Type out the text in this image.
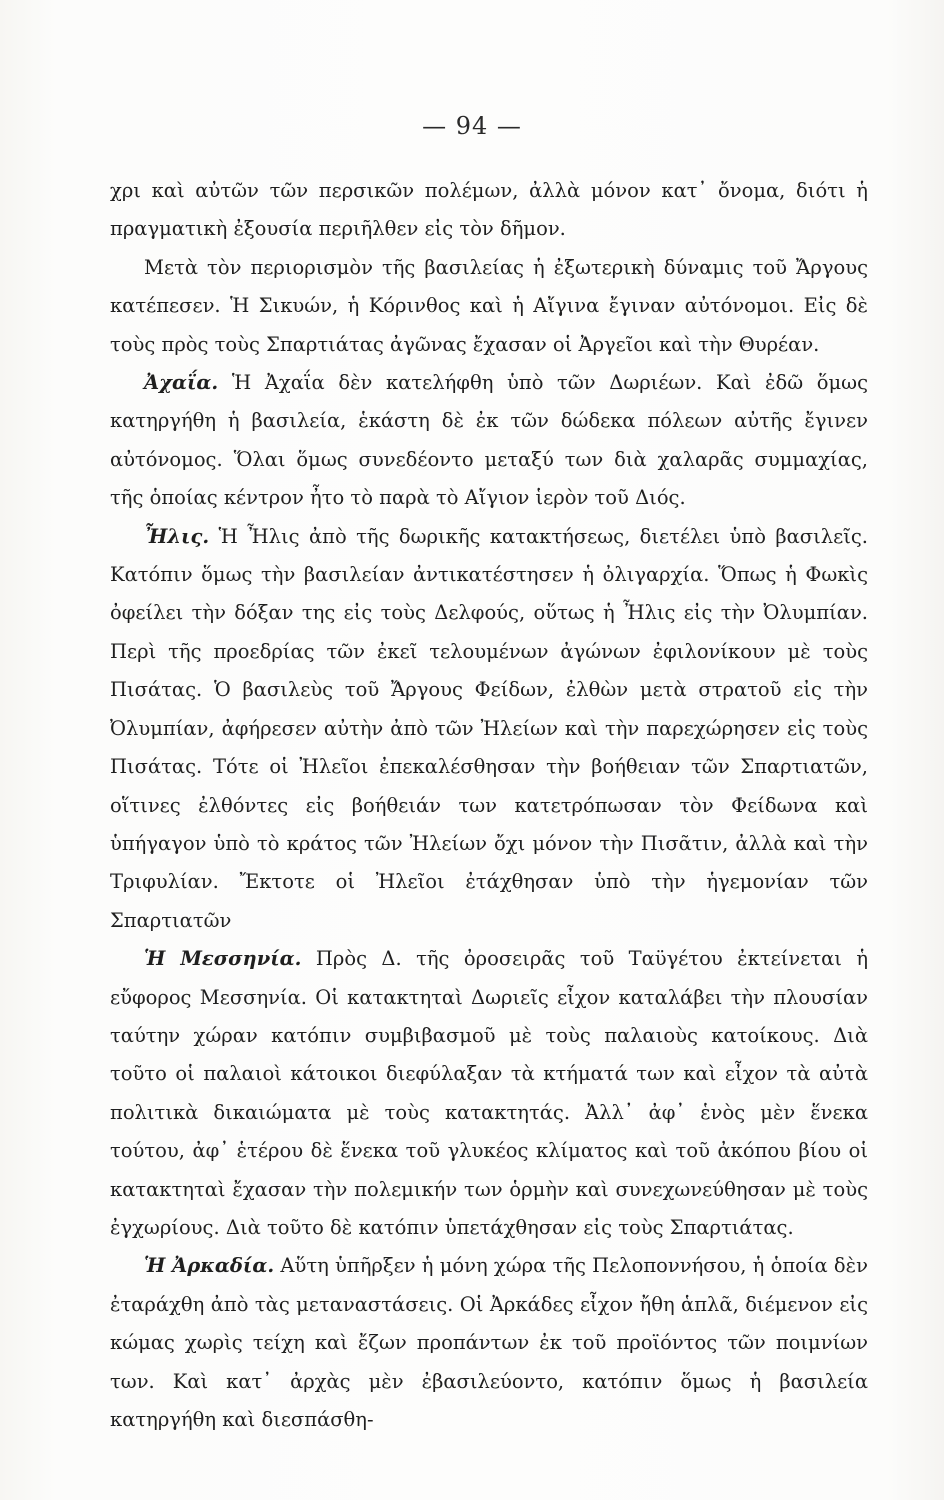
— 94 —

χρι καὶ αὐτῶν τῶν περσικῶν πολέμων, ἀλλὰ μόνον κατ᾽ ὄνομα, διότι ἡ πραγματικὴ ἐξουσία περιῆλθεν εἰς τὸν δῆμον.

Μετὰ τὸν περιορισμὸν τῆς βασιλείας ἡ ἐξωτερικὴ δύναμις τοῦ Ἄργους κατέπεσεν. Ἡ Σικυών, ἡ Κόρινθος καὶ ἡ Αἴγινα ἔγιναν αὐτόνομοι. Εἰς δὲ τοὺς πρὸς τοὺς Σπαρτιάτας ἀγῶνας ἔχασαν οἱ Ἀργεῖοι καὶ τὴν Θυρέαν.

Ἀχαΐα. Ἡ Ἀχαΐα δὲν κατελήφθη ὑπὸ τῶν Δωριέων. Καὶ ἐδῶ ὅμως κατηργήθη ἡ βασιλεία, ἑκάστη δὲ ἐκ τῶν δώδεκα πόλεων αὐτῆς ἔγινεν αὐτόνομος. Ὅλαι ὅμως συνεδέοντο μεταξύ των διὰ χαλαρᾶς συμμαχίας, τῆς ὁποίας κέντρον ἦτο τὸ παρὰ τὸ Αἴγιον ἱερὸν τοῦ Διός.

Ἦλις. Ἡ Ἦλις ἀπὸ τῆς δωρικῆς κατακτήσεως, διετέλει ὑπὸ βασιλεῖς. Κατόπιν ὅμως τὴν βασιλείαν ἀντικατέστησεν ἡ ὀλιγαρχία. Ὅπως ἡ Φωκὶς ὀφείλει τὴν δόξαν της εἰς τοὺς Δελφούς, οὕτως ἡ Ἦλις εἰς τὴν Ὀλυμπίαν. Περὶ τῆς προεδρίας τῶν ἐκεῖ τελουμένων ἀγώνων ἐφιλονίκουν μὲ τοὺς Πισάτας. Ὁ βασιλεὺς τοῦ Ἄργους Φείδων, ἐλθὼν μετὰ στρατοῦ εἰς τὴν Ὀλυμπίαν, ἀφήρεσεν αὐτὴν ἀπὸ τῶν Ἠλείων καὶ τὴν παρεχώρησεν εἰς τοὺς Πισάτας. Τότε οἱ Ἠλεῖοι ἐπεκαλέσθησαν τὴν βοήθειαν τῶν Σπαρτιατῶν, οἵτινες ἐλθόντες εἰς βοήθειάν των κατετρόπωσαν τὸν Φείδωνα καὶ ὑπήγαγον ὑπὸ τὸ κράτος τῶν Ἠλείων ὄχι μόνον τὴν Πισᾶτιν, ἀλλὰ καὶ τὴν Τριφυλίαν. Ἔκτοτε οἱ Ἠλεῖοι ἐτάχθησαν ὑπὸ τὴν ἡγεμονίαν τῶν Σπαρτιατῶν

Ἡ Μεσσηνία. Πρὸς Δ. τῆς ὀροσειρᾶς τοῦ Ταϋγέτου ἐκτείνεται ἡ εὔφορος Μεσσηνία. Οἱ κατακτηταὶ Δωριεῖς εἶχον καταλάβει τὴν πλουσίαν ταύτην χώραν κατόπιν συμβιβασμοῦ μὲ τοὺς παλαιοὺς κατοίκους. Διὰ τοῦτο οἱ παλαιοὶ κάτοικοι διεφύλαξαν τὰ κτήματά των καὶ εἶχον τὰ αὐτὰ πολιτικὰ δικαιώματα μὲ τοὺς κατακτητάς. Ἀλλ᾽ ἀφ᾽ ἑνὸς μὲν ἕνεκα τούτου, ἀφ᾽ ἑτέρου δὲ ἕνεκα τοῦ γλυκέος κλίματος καὶ τοῦ ἀκόπου βίου οἱ κατακτηταὶ ἔχασαν τὴν πολεμικήν των ὁρμὴν καὶ συνεχωνεύθησαν μὲ τοὺς ἐγχωρίους. Διὰ τοῦτο δὲ κατόπιν ὑπετάχθησαν εἰς τοὺς Σπαρτιάτας.

Ἡ Ἀρκαδία. Αὕτη ὑπῆρξεν ἡ μόνη χώρα τῆς Πελοποννήσου, ἡ ὁποία δὲν ἐταράχθη ἀπὸ τὰς μεταναστάσεις. Οἱ Ἀρκάδες εἶχον ἤθη ἁπλᾶ, διέμενον εἰς κώμας χωρὶς τείχη καὶ ἔζων προπάντων ἐκ τοῦ προϊόντος τῶν ποιμνίων των. Καὶ κατ᾽ ἀρχὰς μὲν ἐβασιλεύοντο, κατόπιν ὅμως ἡ βασιλεία κατηργήθη καὶ διεσπάσθη-
